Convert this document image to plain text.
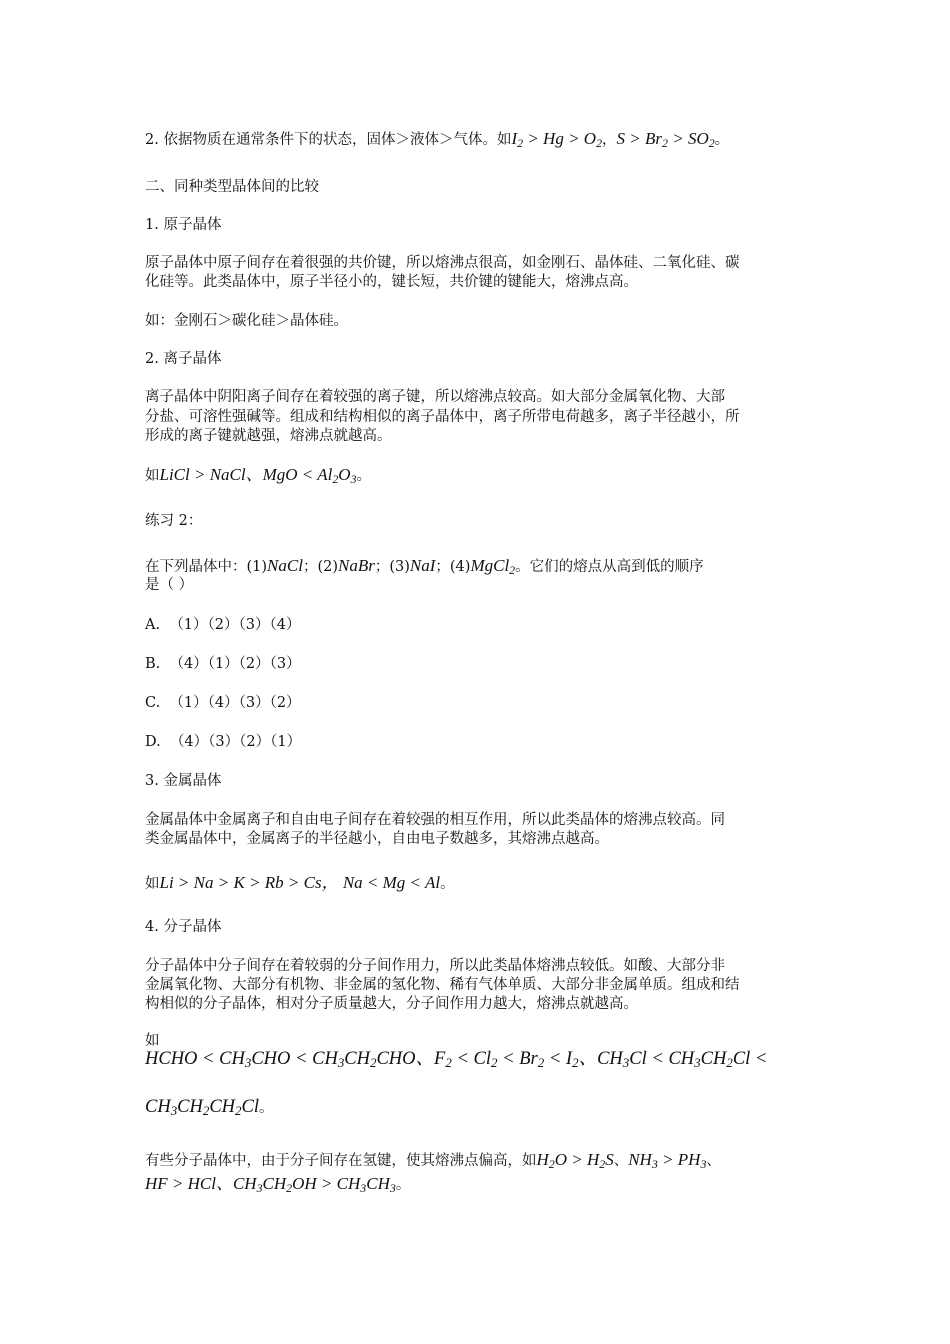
2. 依据物质在通常条件下的状态，固体＞液体＞气体。如$I_2 > Hg > O_2$，$S > Br_2 > SO_2$。
二、同种类型晶体间的比较
1. 原子晶体
原子晶体中原子间存在着很强的共价键，所以熔沸点很高，如金刚石、晶体硅、二氧化硅、碳
化硅等。此类晶体中，原子半径小的，键长短，共价键的键能大，熔沸点高。
如：金刚石＞碳化硅＞晶体硅。
2. 离子晶体
离子晶体中阴阳离子间存在着较强的离子键，所以熔沸点较高。如大部分金属氧化物、大部
分盐、可溶性强碱等。组成和结构相似的离子晶体中，离子所带电荷越多，离子半径越小，所
形成的离子键就越强，熔沸点就越高。
如LiCl > NaCl、MgO < $Al_2O_3$。
练习 2：
在下列晶体中：(1)NaCl；(2)NaBr；(3)NaI；(4)MgCl$_2$。它们的熔点从高到低的顺序
是（ ）
A. （1）（2）（3）（4）
B. （4）（1）（2）（3）
C. （1）（4）（3）（2）
D. （4）（3）（2）（1）
3. 金属晶体
金属晶体中金属离子和自由电子间存在着较强的相互作用，所以此类晶体的熔沸点较高。同
类金属晶体中，金属离子的半径越小，自由电子数越多，其熔沸点越高。
如Li > Na > K > Rb > Cs， Na < Mg < Al。
4. 分子晶体
分子晶体中分子间存在着较弱的分子间作用力，所以此类晶体熔沸点较低。如酸、大部分非
金属氧化物、大部分有机物、非金属的氢化物、稀有气体单质、大部分非金属单质。组成和结
构相似的分子晶体，相对分子质量越大，分子间作用力越大，熔沸点就越高。
如
HCHO < $CH_3CHO < CH_3CH_2CHO$、$F_2 < Cl_2 < Br_2 < I_2$、$CH_3Cl < CH_3CH_2Cl$ <
$CH_3CH_2CH_2Cl$。
有些分子晶体中，由于分子间存在氢键，使其熔沸点偏高，如$H_2O > H_2S$、$NH_3 > PH_3$、
HF > HCl、$CH_3CH_2OH > CH_3CH_3$。
